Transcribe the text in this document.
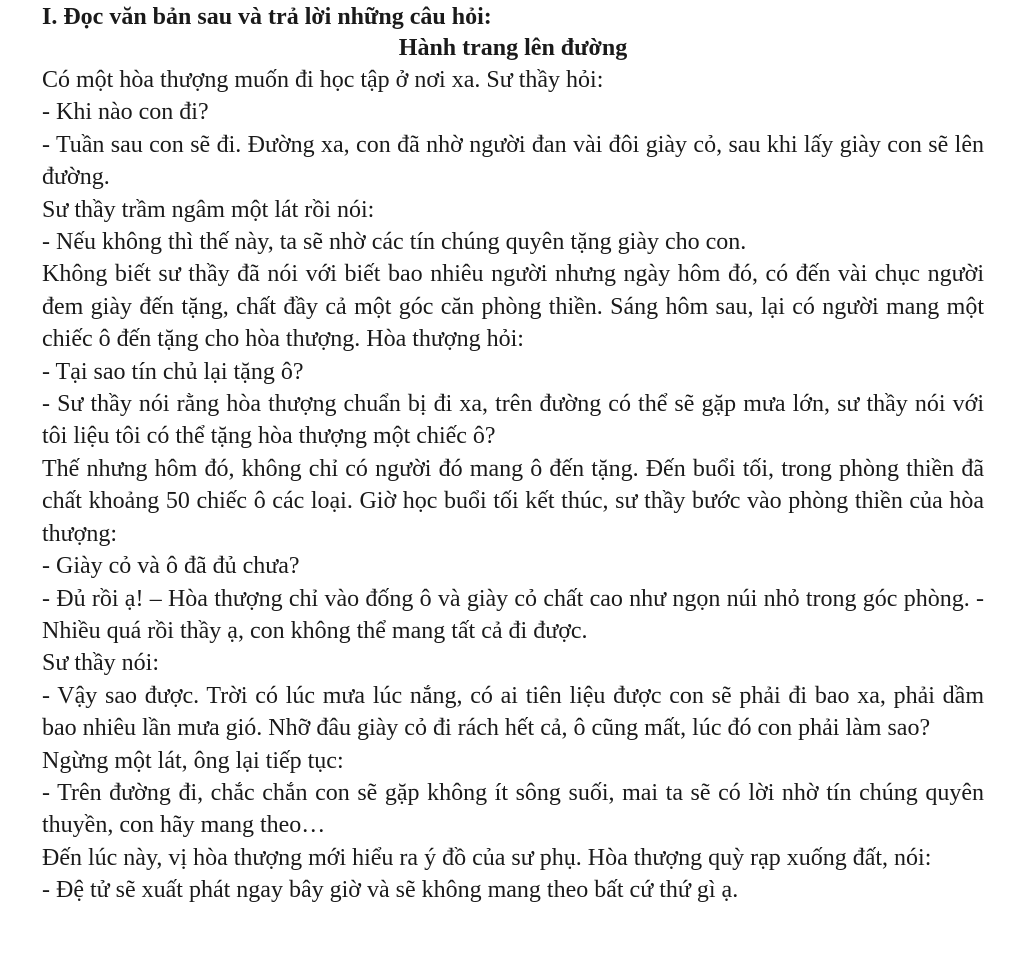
I. Đọc văn bản sau và trả lời những câu hỏi:
Hành trang lên đường

Có một hòa thượng muốn đi học tập ở nơi xa. Sư thầy hỏi:

- Khi nào con đi?

- Tuần sau con sẽ đi. Đường xa, con đã nhờ người đan vài đôi giày cỏ, sau khi lấy giày con sẽ lên đường.

Sư thầy trầm ngâm một lát rồi nói:

- Nếu không thì thế này, ta sẽ nhờ các tín chúng quyên tặng giày cho con.

Không biết sư thầy đã nói với biết bao nhiêu người nhưng ngày hôm đó, có đến vài chục người đem giày đến tặng, chất đầy cả một góc căn phòng thiền. Sáng hôm sau, lại có người mang một chiếc ô đến tặng cho hòa thượng. Hòa thượng hỏi:

- Tại sao tín chủ lại tặng ô?

- Sư thầy nói rằng hòa thượng chuẩn bị đi xa, trên đường có thể sẽ gặp mưa lớn, sư thầy nói với tôi liệu tôi có thể tặng hòa thượng một chiếc ô?

Thế nhưng hôm đó, không chỉ có người đó mang ô đến tặng. Đến buổi tối, trong phòng thiền đã chất khoảng 50 chiếc ô các loại. Giờ học buổi tối kết thúc, sư thầy bước vào phòng thiền của hòa thượng:

- Giày cỏ và ô đã đủ chưa?

- Đủ rồi ạ! – Hòa thượng chỉ vào đống ô và giày cỏ chất cao như ngọn núi nhỏ trong góc phòng. - Nhiều quá rồi thầy ạ, con không thể mang tất cả đi được.

Sư thầy nói:

- Vậy sao được. Trời có lúc mưa lúc nắng, có ai tiên liệu được con sẽ phải đi bao xa, phải dầm bao nhiêu lần mưa gió. Nhỡ đâu giày cỏ đi rách hết cả, ô cũng mất, lúc đó con phải làm sao?

Ngừng một lát, ông lại tiếp tục:

- Trên đường đi, chắc chắn con sẽ gặp không ít sông suối, mai ta sẽ có lời nhờ tín chúng quyên thuyền, con hãy mang theo…

Đến lúc này, vị hòa thượng mới hiểu ra ý đồ của sư phụ. Hòa thượng quỳ rạp xuống đất, nói:

- Đệ tử sẽ xuất phát ngay bây giờ và sẽ không mang theo bất cứ thứ gì ạ.
